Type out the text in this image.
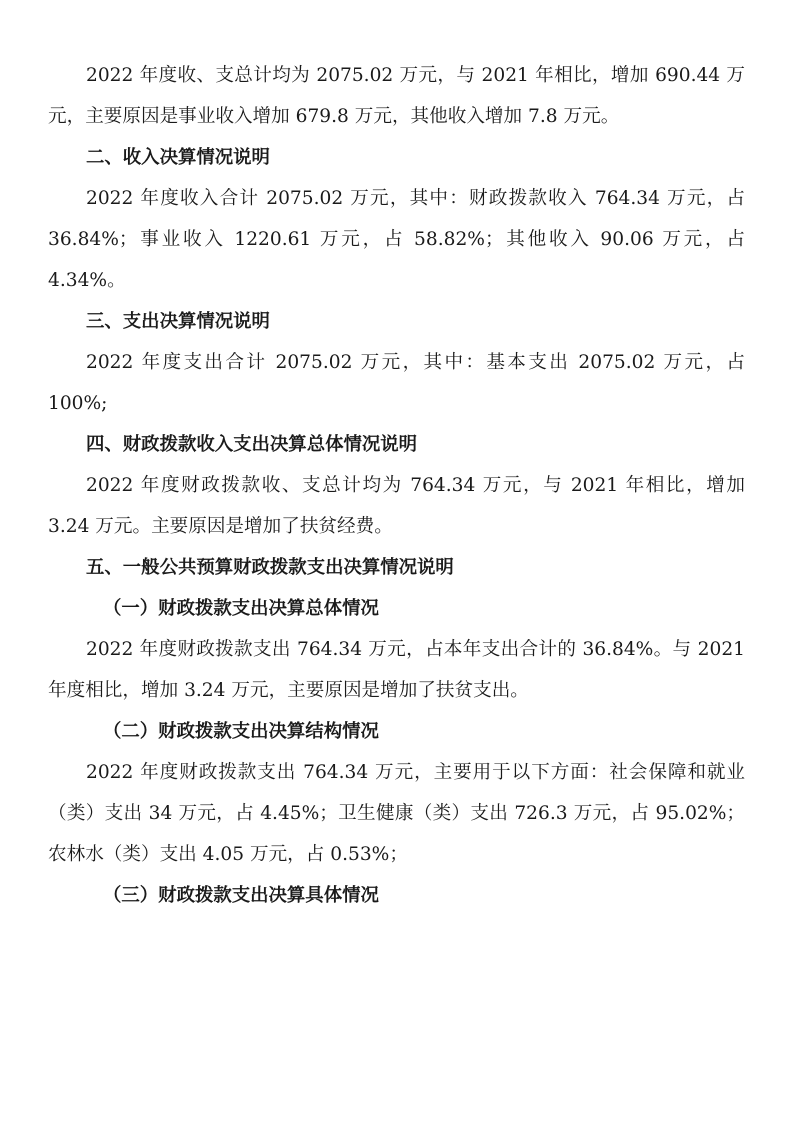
2022 年度收、支总计均为 2075.02 万元，与 2021 年相比，增加 690.44 万元，主要原因是事业收入增加 679.8 万元，其他收入增加 7.8 万元。

二、收入决算情况说明

2022 年度收入合计 2075.02 万元，其中：财政拨款收入 764.34 万元，占 36.84%；事业收入 1220.61 万元，占 58.82%；其他收入 90.06 万元，占 4.34%。

三、支出决算情况说明

2022 年度支出合计 2075.02 万元，其中：基本支出 2075.02 万元，占 100%;

四、财政拨款收入支出决算总体情况说明

2022 年度财政拨款收、支总计均为 764.34 万元，与 2021 年相比，增加 3.24 万元。主要原因是增加了扶贫经费。

五、一般公共预算财政拨款支出决算情况说明

（一）财政拨款支出决算总体情况

2022 年度财政拨款支出 764.34 万元，占本年支出合计的 36.84%。与 2021 年度相比，增加 3.24 万元，主要原因是增加了扶贫支出。

（二）财政拨款支出决算结构情况

2022 年度财政拨款支出 764.34 万元，主要用于以下方面：社会保障和就业（类）支出 34 万元，占 4.45%；卫生健康（类）支出 726.3 万元，占 95.02%；农林水（类）支出 4.05 万元，占 0.53%；

（三）财政拨款支出决算具体情况
